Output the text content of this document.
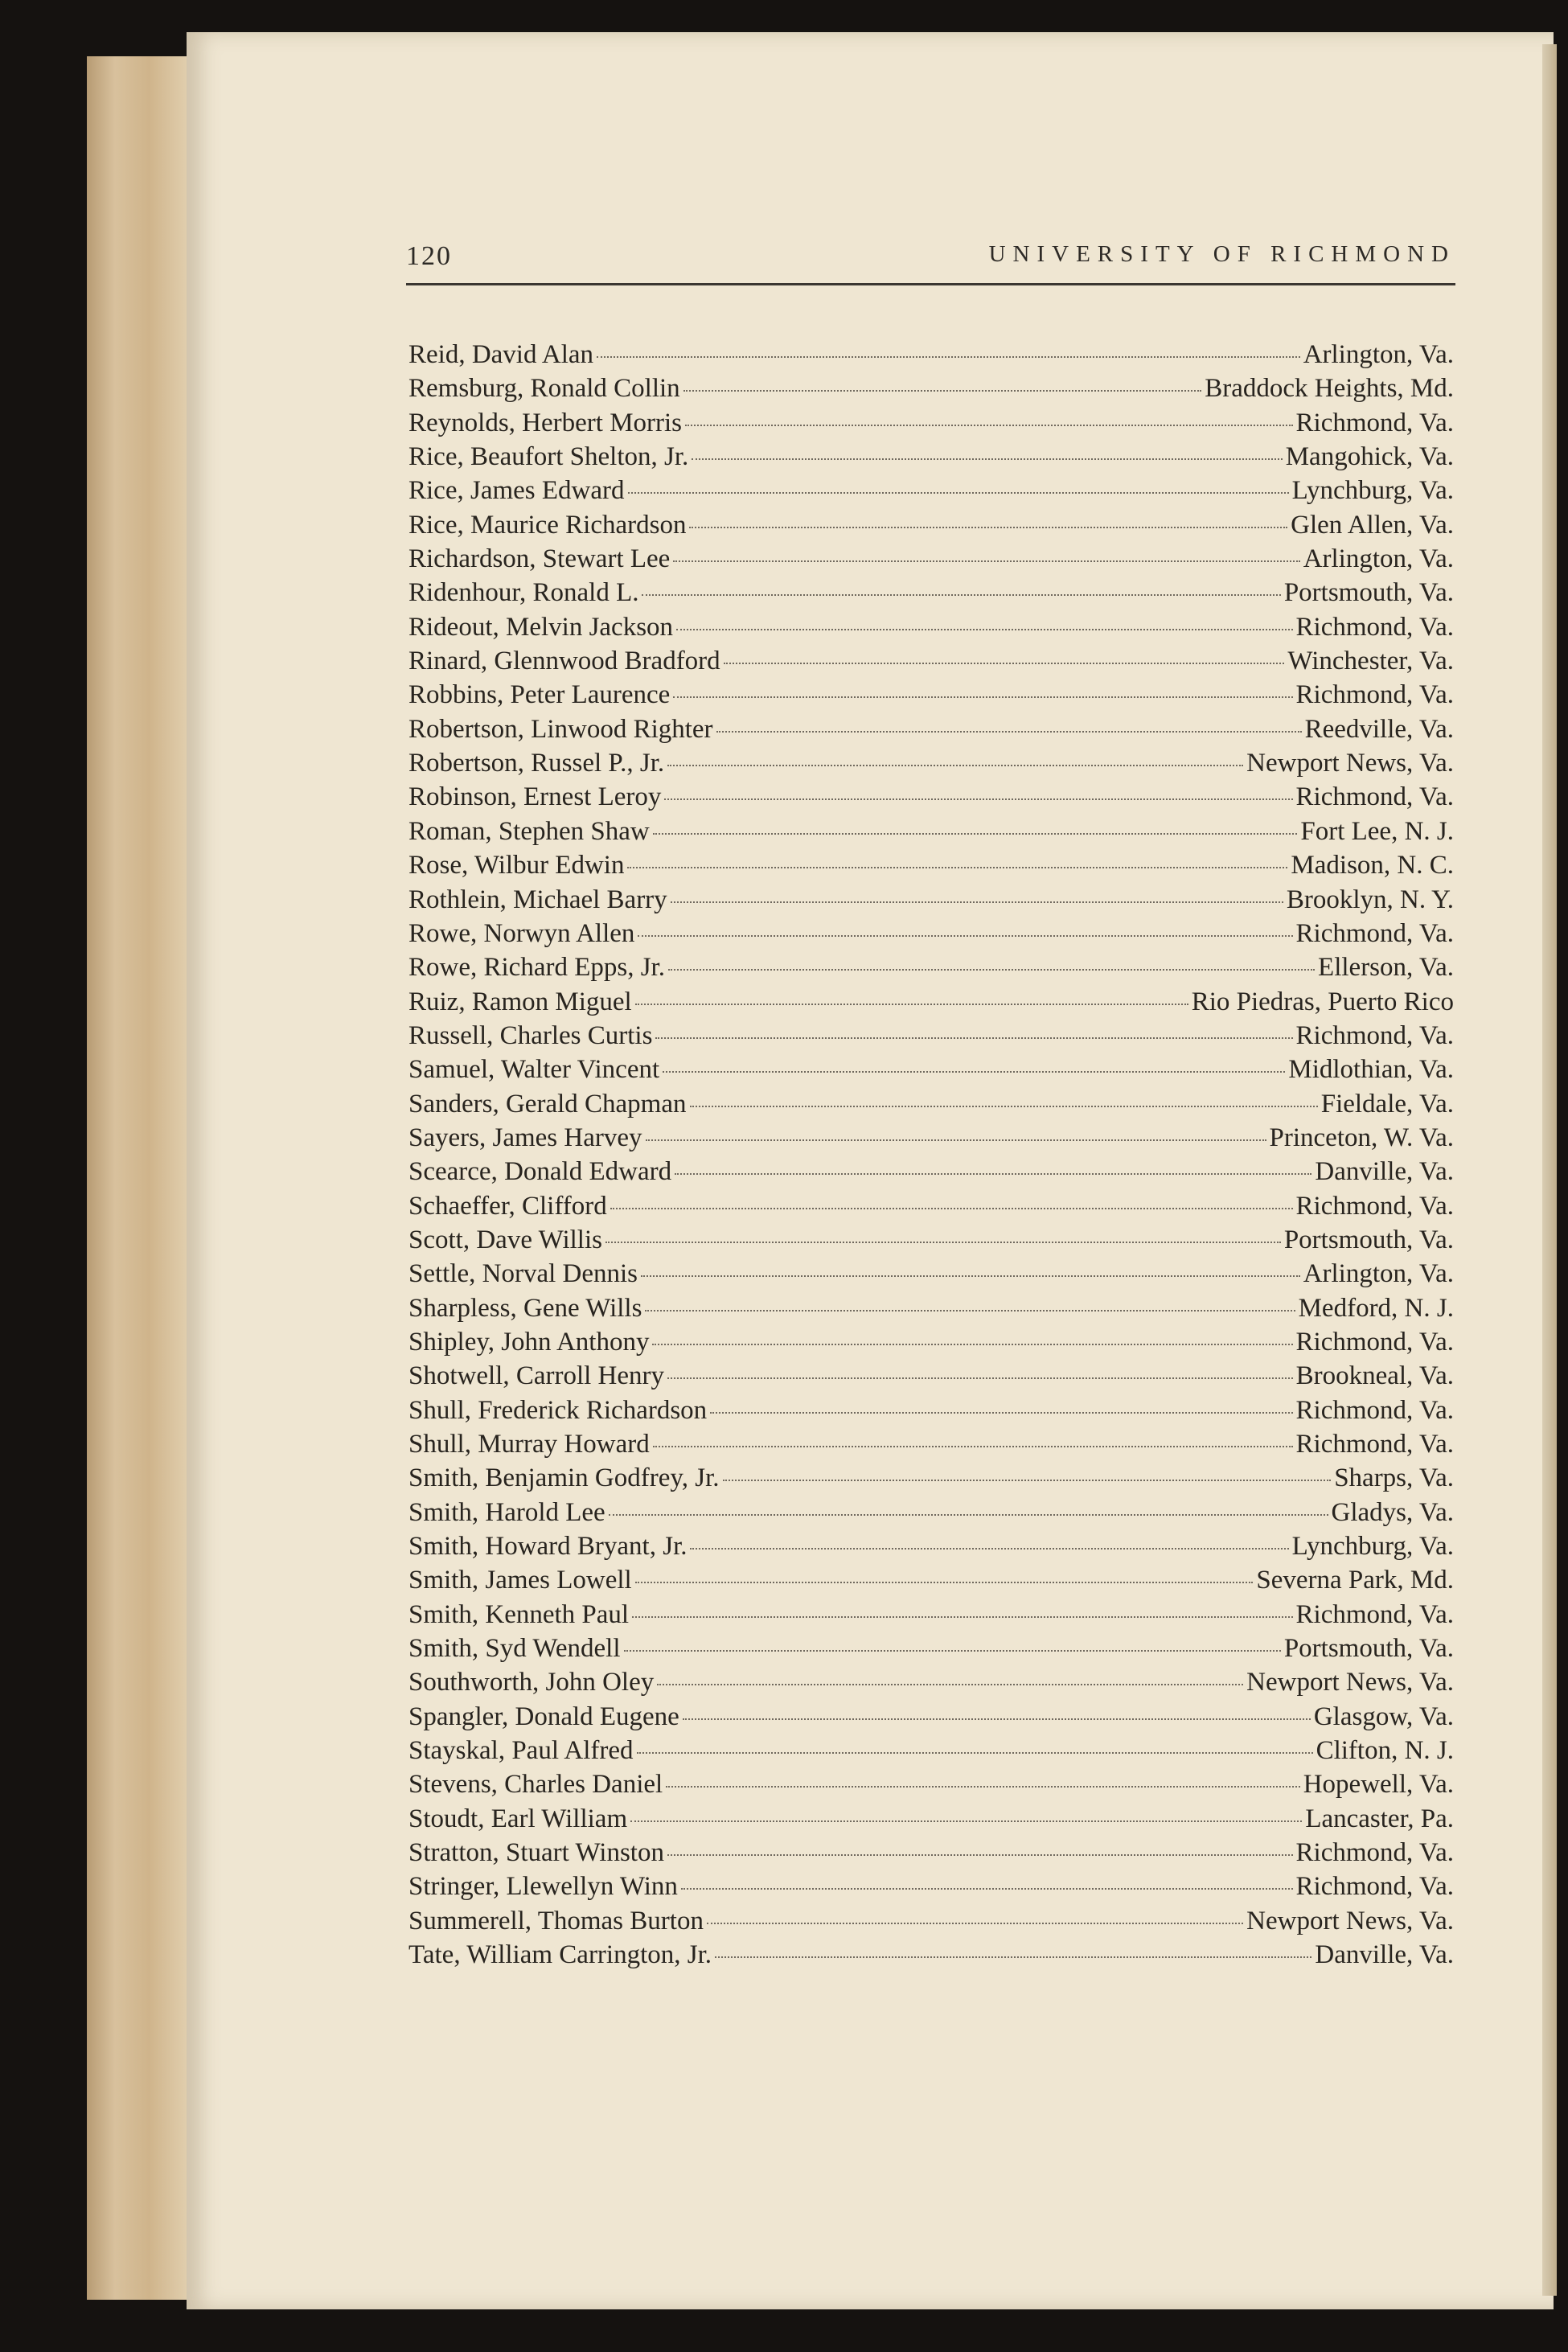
120	UNIVERSITY OF RICHMOND
Reid, David Alan	Arlington, Va.
Remsburg, Ronald Collin	Braddock Heights, Md.
Reynolds, Herbert Morris	Richmond, Va.
Rice, Beaufort Shelton, Jr.	Mangohick, Va.
Rice, James Edward	Lynchburg, Va.
Rice, Maurice Richardson	Glen Allen, Va.
Richardson, Stewart Lee	Arlington, Va.
Ridenhour, Ronald L.	Portsmouth, Va.
Rideout, Melvin Jackson	Richmond, Va.
Rinard, Glennwood Bradford	Winchester, Va.
Robbins, Peter Laurence	Richmond, Va.
Robertson, Linwood Righter	Reedville, Va.
Robertson, Russel P., Jr.	Newport News, Va.
Robinson, Ernest Leroy	Richmond, Va.
Roman, Stephen Shaw	Fort Lee, N. J.
Rose, Wilbur Edwin	Madison, N. C.
Rothlein, Michael Barry	Brooklyn, N. Y.
Rowe, Norwyn Allen	Richmond, Va.
Rowe, Richard Epps, Jr.	Ellerson, Va.
Ruiz, Ramon Miguel	Rio Piedras, Puerto Rico
Russell, Charles Curtis	Richmond, Va.
Samuel, Walter Vincent	Midlothian, Va.
Sanders, Gerald Chapman	Fieldale, Va.
Sayers, James Harvey	Princeton, W. Va.
Scearce, Donald Edward	Danville, Va.
Schaeffer, Clifford	Richmond, Va.
Scott, Dave Willis	Portsmouth, Va.
Settle, Norval Dennis	Arlington, Va.
Sharpless, Gene Wills	Medford, N. J.
Shipley, John Anthony	Richmond, Va.
Shotwell, Carroll Henry	Brookneal, Va.
Shull, Frederick Richardson	Richmond, Va.
Shull, Murray Howard	Richmond, Va.
Smith, Benjamin Godfrey, Jr.	Sharps, Va.
Smith, Harold Lee	Gladys, Va.
Smith, Howard Bryant, Jr.	Lynchburg, Va.
Smith, James Lowell	Severna Park, Md.
Smith, Kenneth Paul	Richmond, Va.
Smith, Syd Wendell	Portsmouth, Va.
Southworth, John Oley	Newport News, Va.
Spangler, Donald Eugene	Glasgow, Va.
Stayskal, Paul Alfred	Clifton, N. J.
Stevens, Charles Daniel	Hopewell, Va.
Stoudt, Earl William	Lancaster, Pa.
Stratton, Stuart Winston	Richmond, Va.
Stringer, Llewellyn Winn	Richmond, Va.
Summerell, Thomas Burton	Newport News, Va.
Tate, William Carrington, Jr.	Danville, Va.
